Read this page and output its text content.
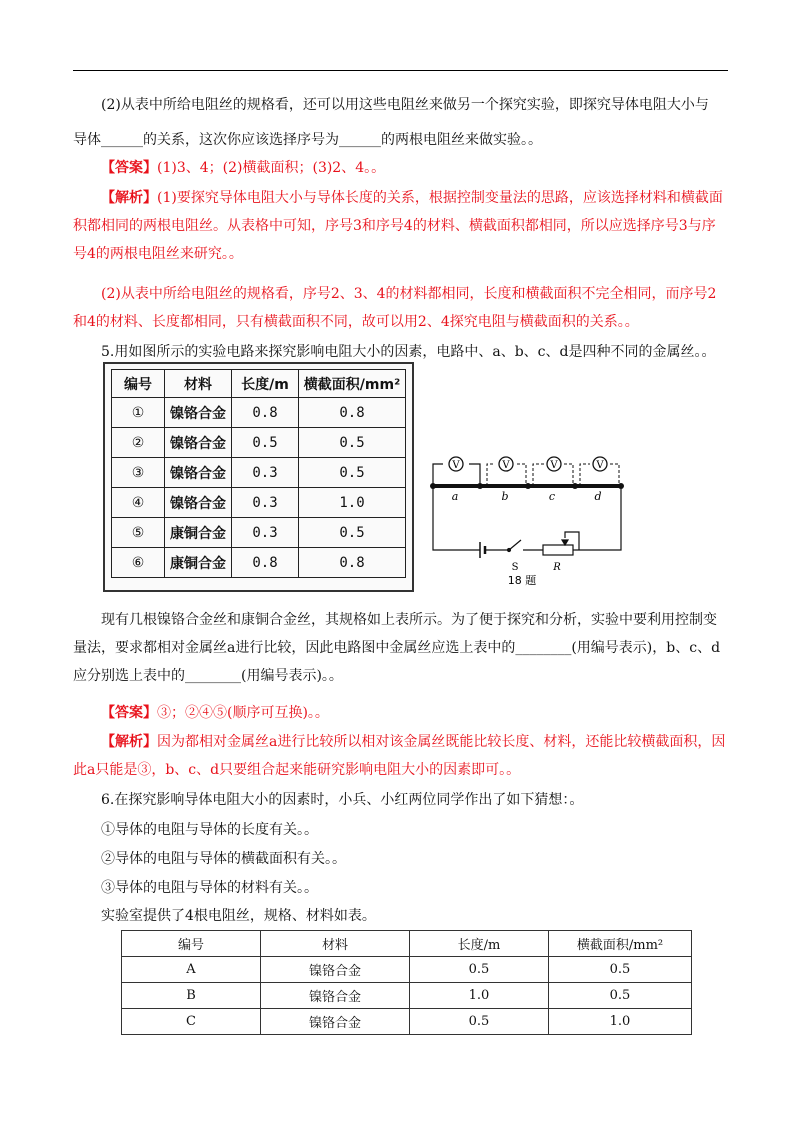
(2)从表中所给电阻丝的规格看，还可以用这些电阻丝来做另一个探究实验，即探究导体电阻大小与

导体______的关系，这次你应该选择序号为______的两根电阻丝来做实验。。

【答案】(1)3、4；(2)横截面积；(3)2、4。。

【解析】(1)要探究导体电阻大小与导体长度的关系，根据控制变量法的思路，应该选择材料和横截面积都相同的两根电阻丝。从表格中可知，序号3和序号4的材料、横截面积都相同，所以应选择序号3与序号4的两根电阻丝来研究。。

(2)从表中所给电阻丝的规格看，序号2、3、4的材料都相同，长度和横截面积不完全相同，而序号2和4的材料、长度都相同，只有横截面积不同，故可以用2、4探究电阻与横截面积的关系。。

5.用如图所示的实验电路来探究影响电阻大小的因素，电路中、a、b、c、d是四种不同的金属丝。。

编号	材料	长度/m	横截面积/mm²
①	镍铬合金	0.8	0.8
②	镍铬合金	0.5	0.5
③	镍铬合金	0.3	0.5
④	镍铬合金	0.3	1.0
⑤	康铜合金	0.3	0.5
⑥	康铜合金	0.8	0.8
V	V	V	V
a	b	c	d
S	R
18 题

现有几根镍铬合金丝和康铜合金丝，其规格如上表所示。为了便于探究和分析，实验中要利用控制变量法，要求都相对金属丝a进行比较，因此电路图中金属丝应选上表中的________(用编号表示)，b、c、d应分别选上表中的________(用编号表示)。。

【答案】③；②④⑤(顺序可互换)。。

【解析】因为都相对金属丝a进行比较所以相对该金属丝既能比较长度、材料，还能比较横截面积，因此a只能是③，b、c、d只要组合起来能研究影响电阻大小的因素即可。。

6.在探究影响导体电阻大小的因素时，小兵、小红两位同学作出了如下猜想：。

①导体的电阻与导体的长度有关。。

②导体的电阻与导体的横截面积有关。。

③导体的电阻与导体的材料有关。。

实验室提供了4根电阻丝，规格、材料如表。

编号	材料	长度/m	横截面积/mm²
A	镍铬合金	0.5	0.5
B	镍铬合金	1.0	0.5
C	镍铬合金	0.5	1.0
